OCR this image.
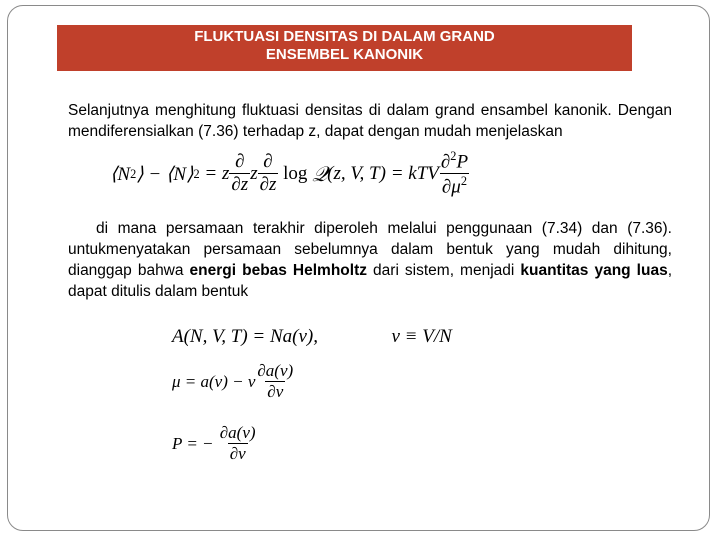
FLUKTUASI DENSITAS DI DALAM GRAND
ENSEMBEL KANONIK

Selanjutnya menghitung fluktuasi densitas di dalam grand ensambel kanonik. Dengan mendiferensialkan (7.36) terhadap z, dapat dengan mudah menjelaskan

⟨N 2 ⟩ − ⟨N⟩ 2
= z $\frac{\partial}{\partial z}$ z $\frac{\partial}{\partial z}$
log
𝒬 (z, V, T) = kTV $\frac{\partial^2P}{\partial\mu^2}$

di mana persamaan terakhir diperoleh melalui penggunaan (7.34) dan (7.36). untukmenyatakan persamaan sebelumnya dalam bentuk yang mudah dihitung, dianggap bahwa energi bebas Helmholtz dari sistem, menjadi kuantitas yang luas, dapat ditulis dalam bentuk

A(N, V, T) = Na(v),	v ≡ V/N
μ = a(v) − v $\frac{\partial a(v)}{\partial v}$
P = −
$\frac{\partial a(v)}{\partial v}$
